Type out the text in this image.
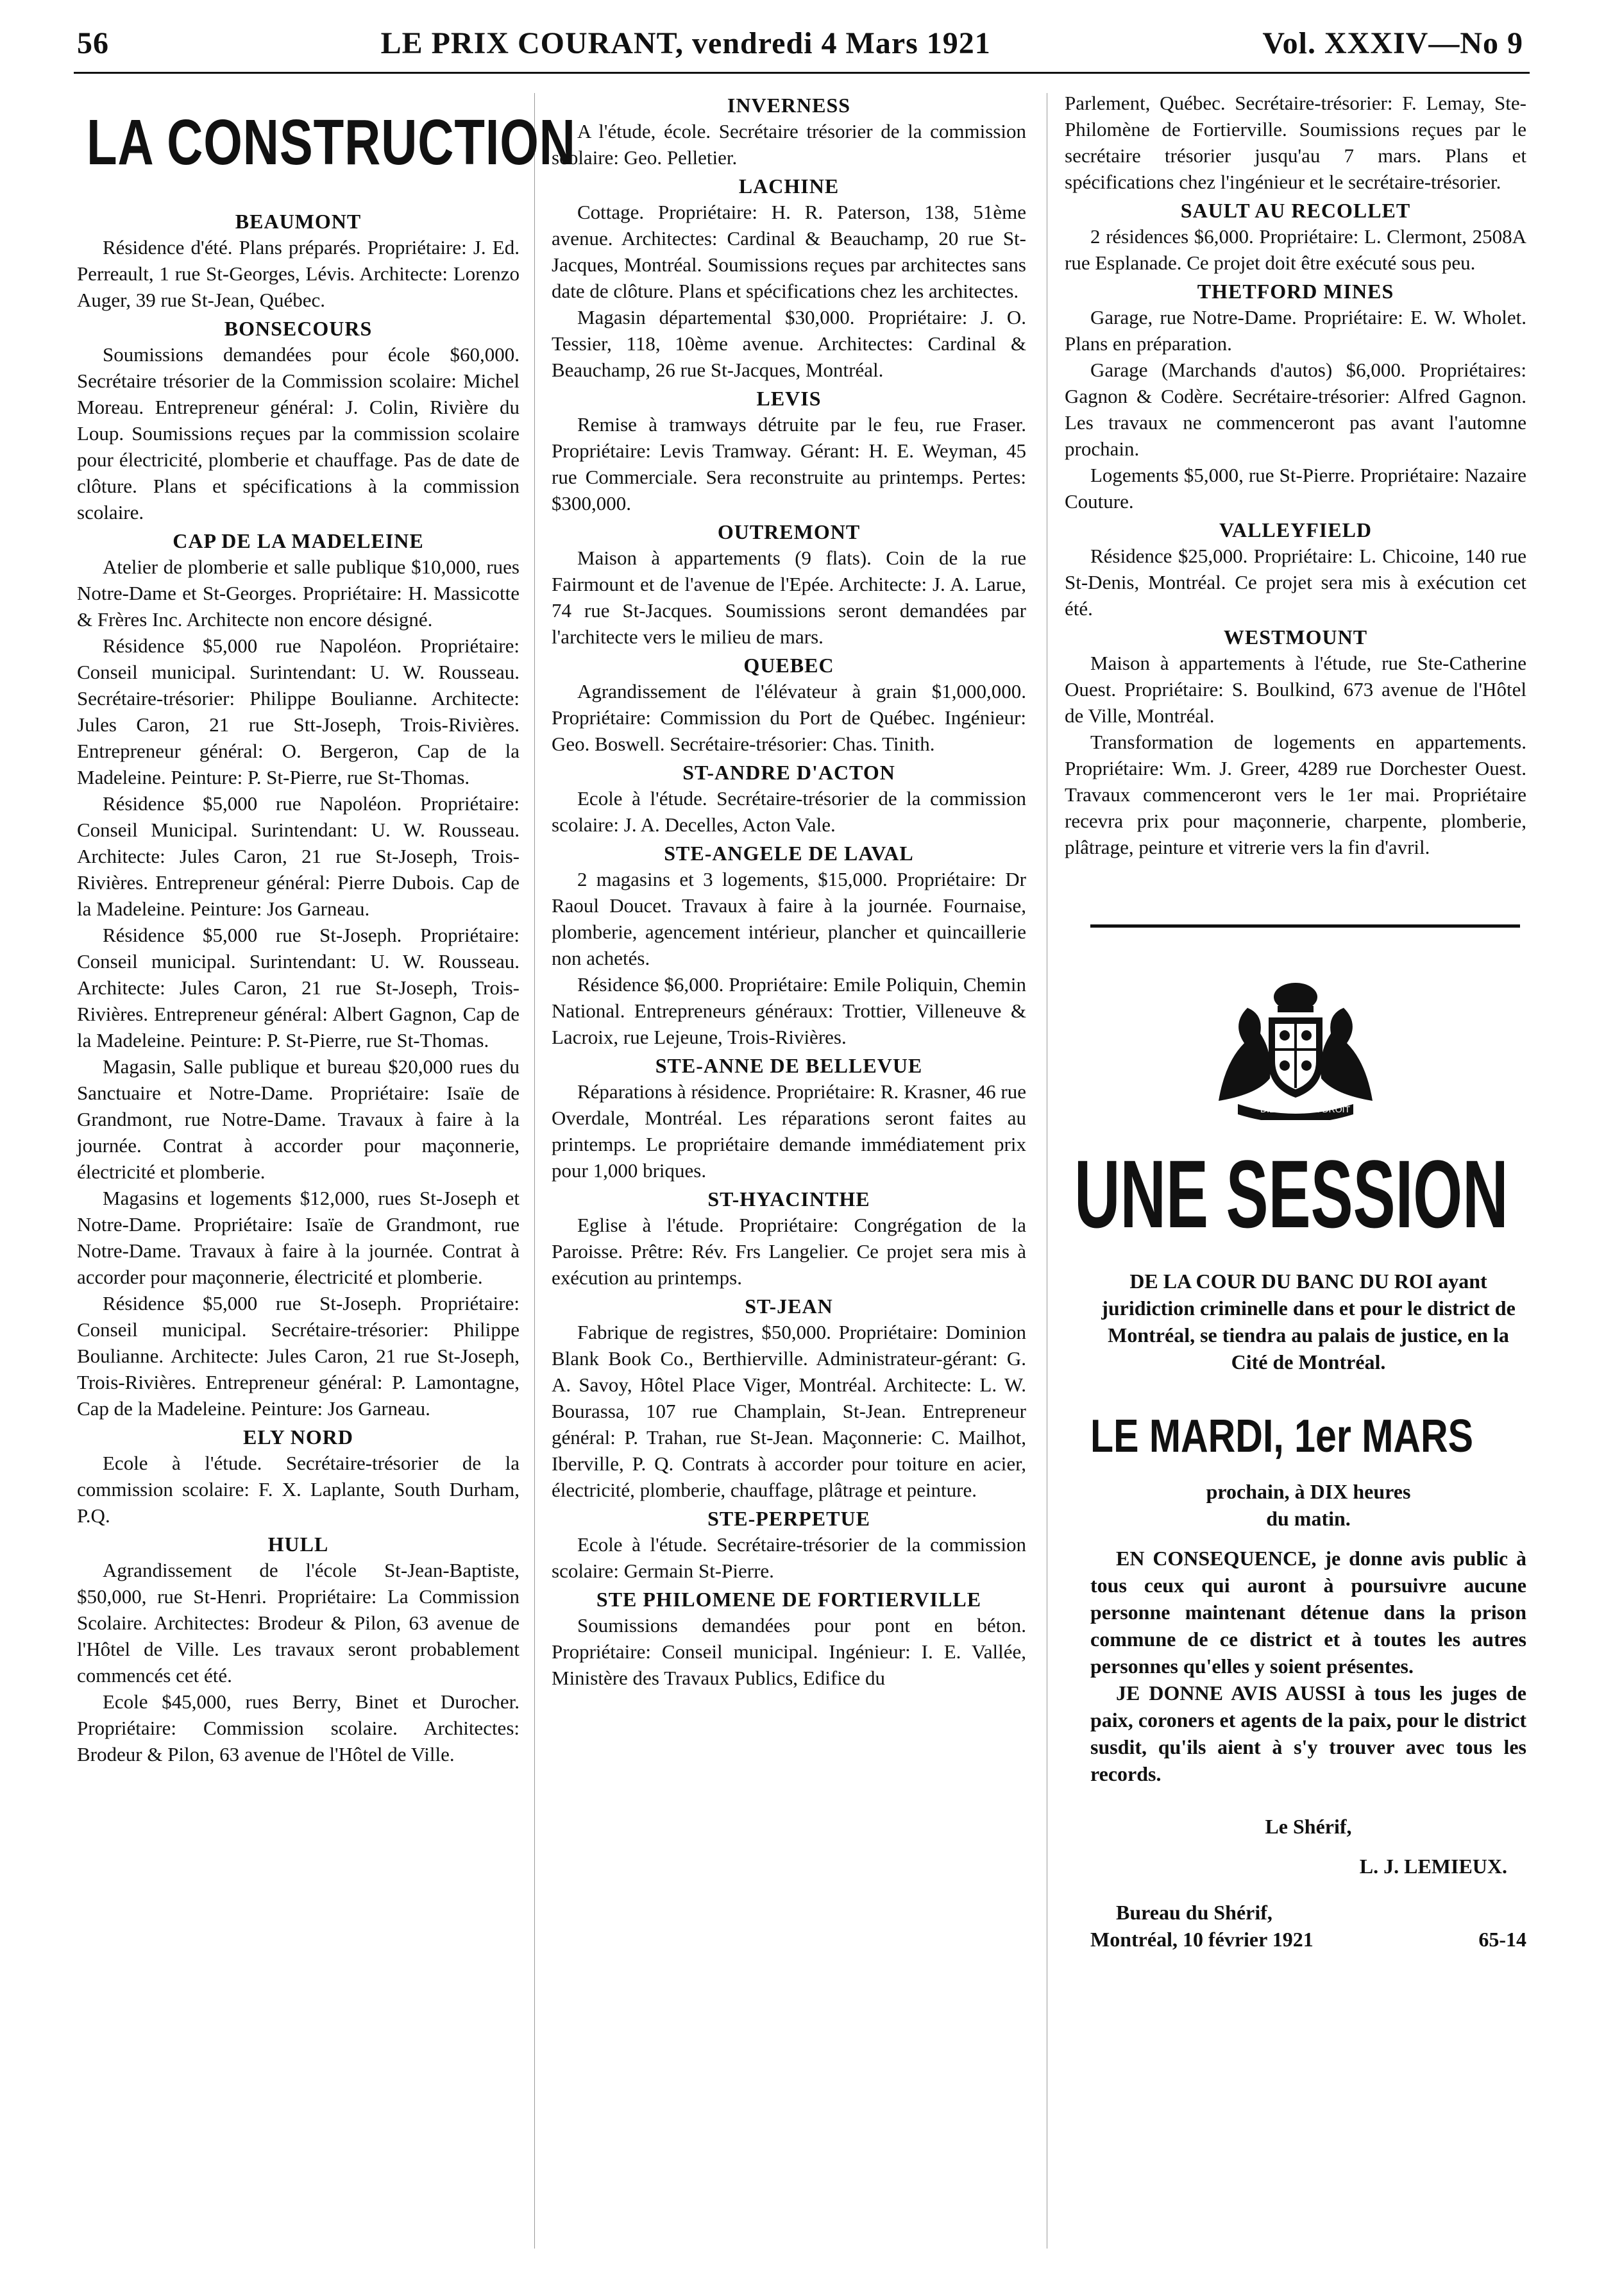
56	LE PRIX COURANT, vendredi 4 Mars 1921	Vol. XXXIV—No 9
LA CONSTRUCTION
BEAUMONT

Résidence d'été. Plans préparés. Propriétaire: J. Ed. Perreault, 1 rue St-Georges, Lévis. Architecte: Lorenzo Auger, 39 rue St-Jean, Québec.

BONSECOURS

Soumissions demandées pour école $60,000. Secrétaire trésorier de la Commission scolaire: Michel Moreau. Entrepreneur général: J. Colin, Rivière du Loup. Soumissions reçues par la commission scolaire pour électricité, plomberie et chauffage. Pas de date de clôture. Plans et spécifications à la commission scolaire.

CAP DE LA MADELEINE

Atelier de plomberie et salle publique $10,000, rues Notre-Dame et St-Georges. Propriétaire: H. Massicotte & Frères Inc. Architecte non encore désigné.

Résidence $5,000 rue Napoléon. Propriétaire: Conseil municipal. Surintendant: U. W. Rousseau. Secrétaire-trésorier: Philippe Boulianne. Architecte: Jules Caron, 21 rue Stt-Joseph, Trois-Rivières. Entrepreneur général: O. Bergeron, Cap de la Madeleine. Peinture: P. St-Pierre, rue St-Thomas.

Résidence $5,000 rue Napoléon. Propriétaire: Conseil Municipal. Surintendant: U. W. Rousseau. Architecte: Jules Caron, 21 rue St-Joseph, Trois-Rivières. Entrepreneur général: Pierre Dubois. Cap de la Madeleine. Peinture: Jos Garneau.

Résidence $5,000 rue St-Joseph. Propriétaire: Conseil municipal. Surintendant: U. W. Rousseau. Architecte: Jules Caron, 21 rue St-Joseph, Trois-Rivières. Entrepreneur général: Albert Gagnon, Cap de la Madeleine. Peinture: P. St-Pierre, rue St-Thomas.

Magasin, Salle publique et bureau $20,000 rues du Sanctuaire et Notre-Dame. Propriétaire: Isaïe de Grandmont, rue Notre-Dame. Travaux à faire à la journée. Contrat à accorder pour maçonnerie, électricité et plomberie.

Magasins et logements $12,000, rues St-Joseph et Notre-Dame. Propriétaire: Isaïe de Grandmont, rue Notre-Dame. Travaux à faire à la journée. Contrat à accorder pour maçonnerie, électricité et plomberie.

Résidence $5,000 rue St-Joseph. Propriétaire: Conseil municipal. Secrétaire-trésorier: Philippe Boulianne. Architecte: Jules Caron, 21 rue St-Joseph, Trois-Rivières. Entrepreneur général: P. Lamontagne, Cap de la Madeleine. Peinture: Jos Garneau.

ELY NORD

Ecole à l'étude. Secrétaire-trésorier de la commission scolaire: F. X. Laplante, South Durham, P.Q.

HULL

Agrandissement de l'école St-Jean-Baptiste, $50,000, rue St-Henri. Propriétaire: La Commission Scolaire. Architectes: Brodeur & Pilon, 63 avenue de l'Hôtel de Ville. Les travaux seront probablement commencés cet été.

Ecole $45,000, rues Berry, Binet et Durocher. Propriétaire: Commission scolaire. Architectes: Brodeur & Pilon, 63 avenue de l'Hôtel de Ville.

INVERNESS

A l'étude, école. Secrétaire trésorier de la commission scolaire: Geo. Pelletier.

LACHINE

Cottage. Propriétaire: H. R. Paterson, 138, 51ème avenue. Architectes: Cardinal & Beauchamp, 20 rue St-Jacques, Montréal. Soumissions reçues par architectes sans date de clôture. Plans et spécifications chez les architectes.

Magasin départemental $30,000. Propriétaire: J. O. Tessier, 118, 10ème avenue. Architectes: Cardinal & Beauchamp, 26 rue St-Jacques, Montréal.

LEVIS

Remise à tramways détruite par le feu, rue Fraser. Propriétaire: Levis Tramway. Gérant: H. E. Weyman, 45 rue Commerciale. Sera reconstruite au printemps. Pertes: $300,000.

OUTREMONT

Maison à appartements (9 flats). Coin de la rue Fairmount et de l'avenue de l'Epée. Architecte: J. A. Larue, 74 rue St-Jacques. Soumissions seront demandées par l'architecte vers le milieu de mars.

QUEBEC

Agrandissement de l'élévateur à grain $1,000,000. Propriétaire: Commission du Port de Québec. Ingénieur: Geo. Boswell. Secrétaire-trésorier: Chas. Tinith.

ST-ANDRE D'ACTON

Ecole à l'étude. Secrétaire-trésorier de la commission scolaire: J. A. Decelles, Acton Vale.

STE-ANGELE DE LAVAL

2 magasins et 3 logements, $15,000. Propriétaire: Dr Raoul Doucet. Travaux à faire à la journée. Fournaise, plomberie, agencement intérieur, plancher et quincaillerie non achetés.

Résidence $6,000. Propriétaire: Emile Poliquin, Chemin National. Entrepreneurs généraux: Trottier, Villeneuve & Lacroix, rue Lejeune, Trois-Rivières.

STE-ANNE DE BELLEVUE

Réparations à résidence. Propriétaire: R. Krasner, 46 rue Overdale, Montréal. Les réparations seront faites au printemps. Le propriétaire demande immédiatement prix pour 1,000 briques.

ST-HYACINTHE

Eglise à l'étude. Propriétaire: Congrégation de la Paroisse. Prêtre: Rév. Frs Langelier. Ce projet sera mis à exécution au printemps.

ST-JEAN

Fabrique de registres, $50,000. Propriétaire: Dominion Blank Book Co., Berthierville. Administrateur-gérant: G. A. Savoy, Hôtel Place Viger, Montréal. Architecte: L. W. Bourassa, 107 rue Champlain, St-Jean. Entrepreneur général: P. Trahan, rue St-Jean. Maçonnerie: C. Mailhot, Iberville, P. Q. Contrats à accorder pour toiture en acier, électricité, plomberie, chauffage, plâtrage et peinture.

STE-PERPETUE

Ecole à l'étude. Secrétaire-trésorier de la commission scolaire: Germain St-Pierre.

STE PHILOMENE DE FORTIERVILLE

Soumissions demandées pour pont en béton. Propriétaire: Conseil municipal. Ingénieur: I. E. Vallée, Ministère des Travaux Publics, Edifice du

Parlement, Québec. Secrétaire-trésorier: F. Lemay, Ste-Philomène de Fortierville. Soumissions reçues par le secrétaire trésorier jusqu'au 7 mars. Plans et spécifications chez l'ingénieur et le secrétaire-trésorier.

SAULT AU RECOLLET

2 résidences $6,000. Propriétaire: L. Clermont, 2508A rue Esplanade. Ce projet doit être exécuté sous peu.

THETFORD MINES

Garage, rue Notre-Dame. Propriétaire: E. W. Wholet. Plans en préparation.

Garage (Marchands d'autos) $6,000. Propriétaires: Gagnon & Codère. Secrétaire-trésorier: Alfred Gagnon. Les travaux ne commenceront pas avant l'automne prochain.

Logements $5,000, rue St-Pierre. Propriétaire: Nazaire Couture.

VALLEYFIELD

Résidence $25,000. Propriétaire: L. Chicoine, 140 rue St-Denis, Montréal. Ce projet sera mis à exécution cet été.

WESTMOUNT

Maison à appartements à l'étude, rue Ste-Catherine Ouest. Propriétaire: S. Boulkind, 673 avenue de l'Hôtel de Ville, Montréal.

Transformation de logements en appartements. Propriétaire: Wm. J. Greer, 4289 rue Dorchester Ouest. Travaux commenceront vers le 1er mai. Propriétaire recevra prix pour maçonnerie, charpente, plomberie, plâtrage, peinture et vitrerie vers la fin d'avril.

DIEU ET MON DROIT
UNE SESSION

DE LA COUR DU BANC DU ROI ayant juridiction criminelle dans et pour le district de Montréal, se tiendra au palais de justice, en la Cité de Montréal.

LE MARDI, 1er MARS

prochain, à DIX heures du matin.

EN CONSEQUENCE, je donne avis public à tous ceux qui auront à poursuivre aucune personne maintenant détenue dans la prison commune de ce district et à toutes les autres personnes qu'elles y soient présentes.

JE DONNE AVIS AUSSI à tous les juges de paix, coroners et agents de la paix, pour le district susdit, qu'ils aient à s'y trouver avec tous les records.

Le Shérif,

L. J. LEMIEUX.

Bureau du Shérif,

Montréal, 10 février 1921	65-14
